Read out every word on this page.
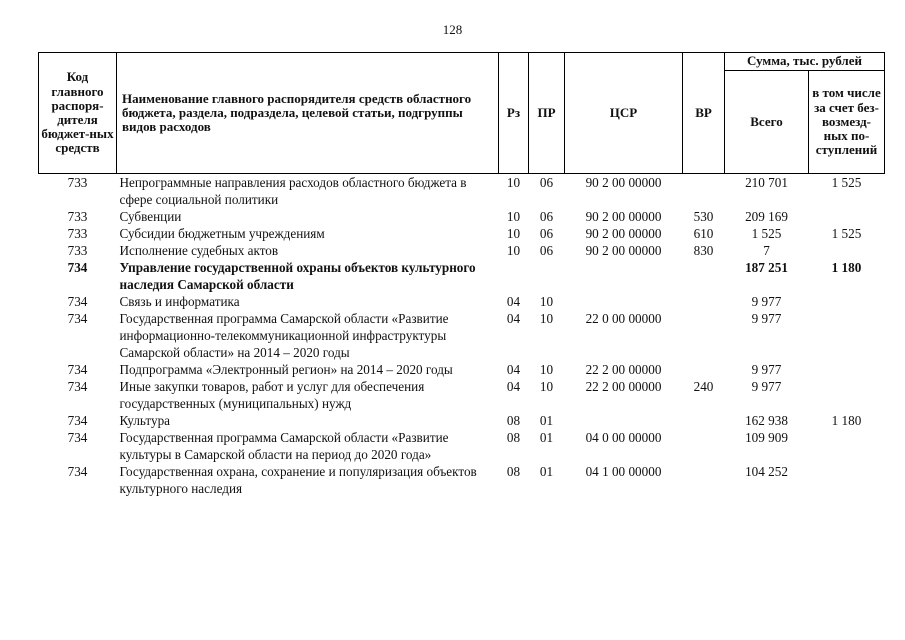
128
Код главного распоря-дителя бюджет-ных средств	Наименование главного распорядителя средств областного бюджета, раздела, подраздела, целевой статьи, подгруппы видов расходов	Рз	ПР	ЦСР	ВР	Сумма, тыс. рублей	
						Всего	в том числе за счет без-возмезд-ных по-ступлений
733	Непрограммные направления расходов областного бюджета в сфере социальной политики	10	06	90 2 00 00000		210 701	1 525
733	Субвенции	10	06	90 2 00 00000	530	209 169	
733	Субсидии бюджетным учреждениям	10	06	90 2 00 00000	610	1 525	1 525
733	Исполнение судебных актов	10	06	90 2 00 00000	830	7	
734	Управление государственной охраны объектов культурного наследия Самарской области					187 251	1 180
734	Связь и информатика	04	10			9 977	
734	Государственная программа Самарской области «Развитие информационно-телекоммуникационной инфраструктуры Самарской области» на 2014 – 2020 годы	04	10	22 0 00 00000		9 977	
734	Подпрограмма «Электронный регион» на 2014 – 2020 годы	04	10	22 2 00 00000		9 977	
734	Иные закупки товаров, работ и услуг для обеспечения государственных (муниципальных) нужд	04	10	22 2 00 00000	240	9 977	
734	Культура	08	01			162 938	1 180
734	Государственная программа Самарской области «Развитие культуры в Самарской области на период до 2020 года»	08	01	04 0 00 00000		109 909	
734	Государственная охрана, сохранение и популяризация объектов культурного наследия	08	01	04 1 00 00000		104 252	
